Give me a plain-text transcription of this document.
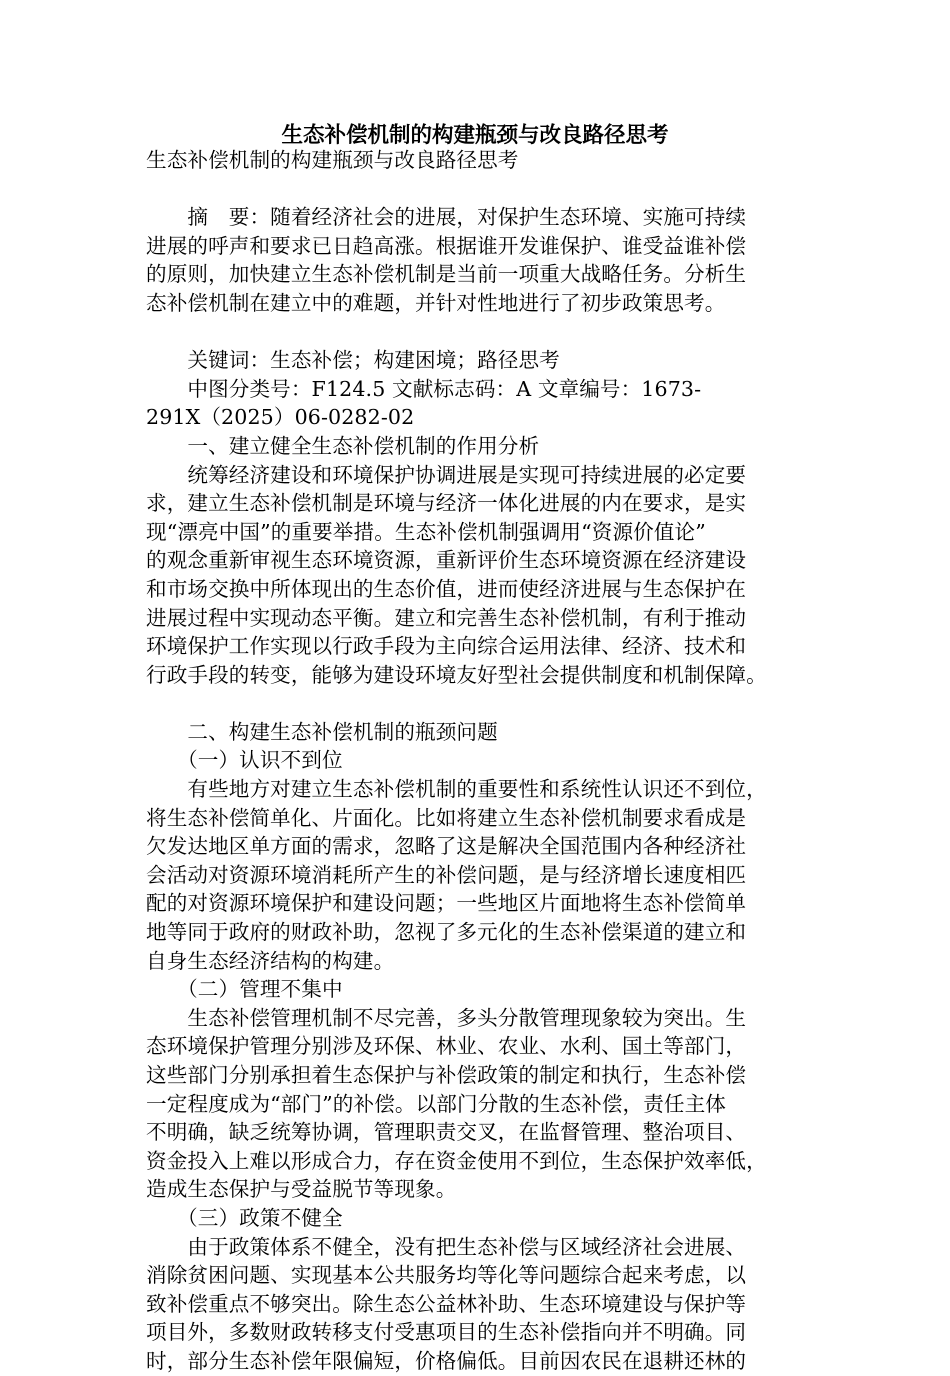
生态补偿机制的构建瓶颈与改良路径思考
生态补偿机制的构建瓶颈与改良路径思考
　　摘　要：随着经济社会的进展，对保护生态环境、实施可持续
进展的呼声和要求已日趋高涨。根据谁开发谁保护、谁受益谁补偿
的原则，加快建立生态补偿机制是当前一项重大战略任务。分析生
态补偿机制在建立中的难题，并针对性地进行了初步政策思考。
　　关键词：生态补偿；构建困境；路径思考
　　中图分类号：F124.5 文献标志码：A 文章编号：1673-
291X（2025）06-0282-02
　　一、建立健全生态补偿机制的作用分析
　　统筹经济建设和环境保护协调进展是实现可持续进展的必定要
求，建立生态补偿机制是环境与经济一体化进展的内在要求，是实
现“漂亮中国”的重要举措。生态补偿机制强调用“资源价值论”
的观念重新审视生态环境资源，重新评价生态环境资源在经济建设
和市场交换中所体现出的生态价值，进而使经济进展与生态保护在
进展过程中实现动态平衡。建立和完善生态补偿机制，有利于推动
环境保护工作实现以行政手段为主向综合运用法律、经济、技术和
行政手段的转变，能够为建设环境友好型社会提供制度和机制保障。
　　二、构建生态补偿机制的瓶颈问题
　　（一）认识不到位
　　有些地方对建立生态补偿机制的重要性和系统性认识还不到位，
将生态补偿简单化、片面化。比如将建立生态补偿机制要求看成是
欠发达地区单方面的需求，忽略了这是解决全国范围内各种经济社
会活动对资源环境消耗所产生的补偿问题，是与经济增长速度相匹
配的对资源环境保护和建设问题；一些地区片面地将生态补偿简单
地等同于政府的财政补助，忽视了多元化的生态补偿渠道的建立和
自身生态经济结构的构建。
　　（二）管理不集中
　　生态补偿管理机制不尽完善，多头分散管理现象较为突出。生
态环境保护管理分别涉及环保、林业、农业、水利、国土等部门，
这些部门分别承担着生态保护与补偿政策的制定和执行，生态补偿
一定程度成为“部门”的补偿。以部门分散的生态补偿，责任主体
不明确，缺乏统筹协调，管理职责交叉，在监督管理、整治项目、
资金投入上难以形成合力，存在资金使用不到位，生态保护效率低，
造成生态保护与受益脱节等现象。
　　（三）政策不健全
　　由于政策体系不健全，没有把生态补偿与区域经济社会进展、
消除贫困问题、实现基本公共服务均等化等问题综合起来考虑，以
致补偿重点不够突出。除生态公益林补助、生态环境建设与保护等
项目外，多数财政转移支付受惠项目的生态补偿指向并不明确。同
时，部分生态补偿年限偏短，价格偏低。目前因农民在退耕还林的
